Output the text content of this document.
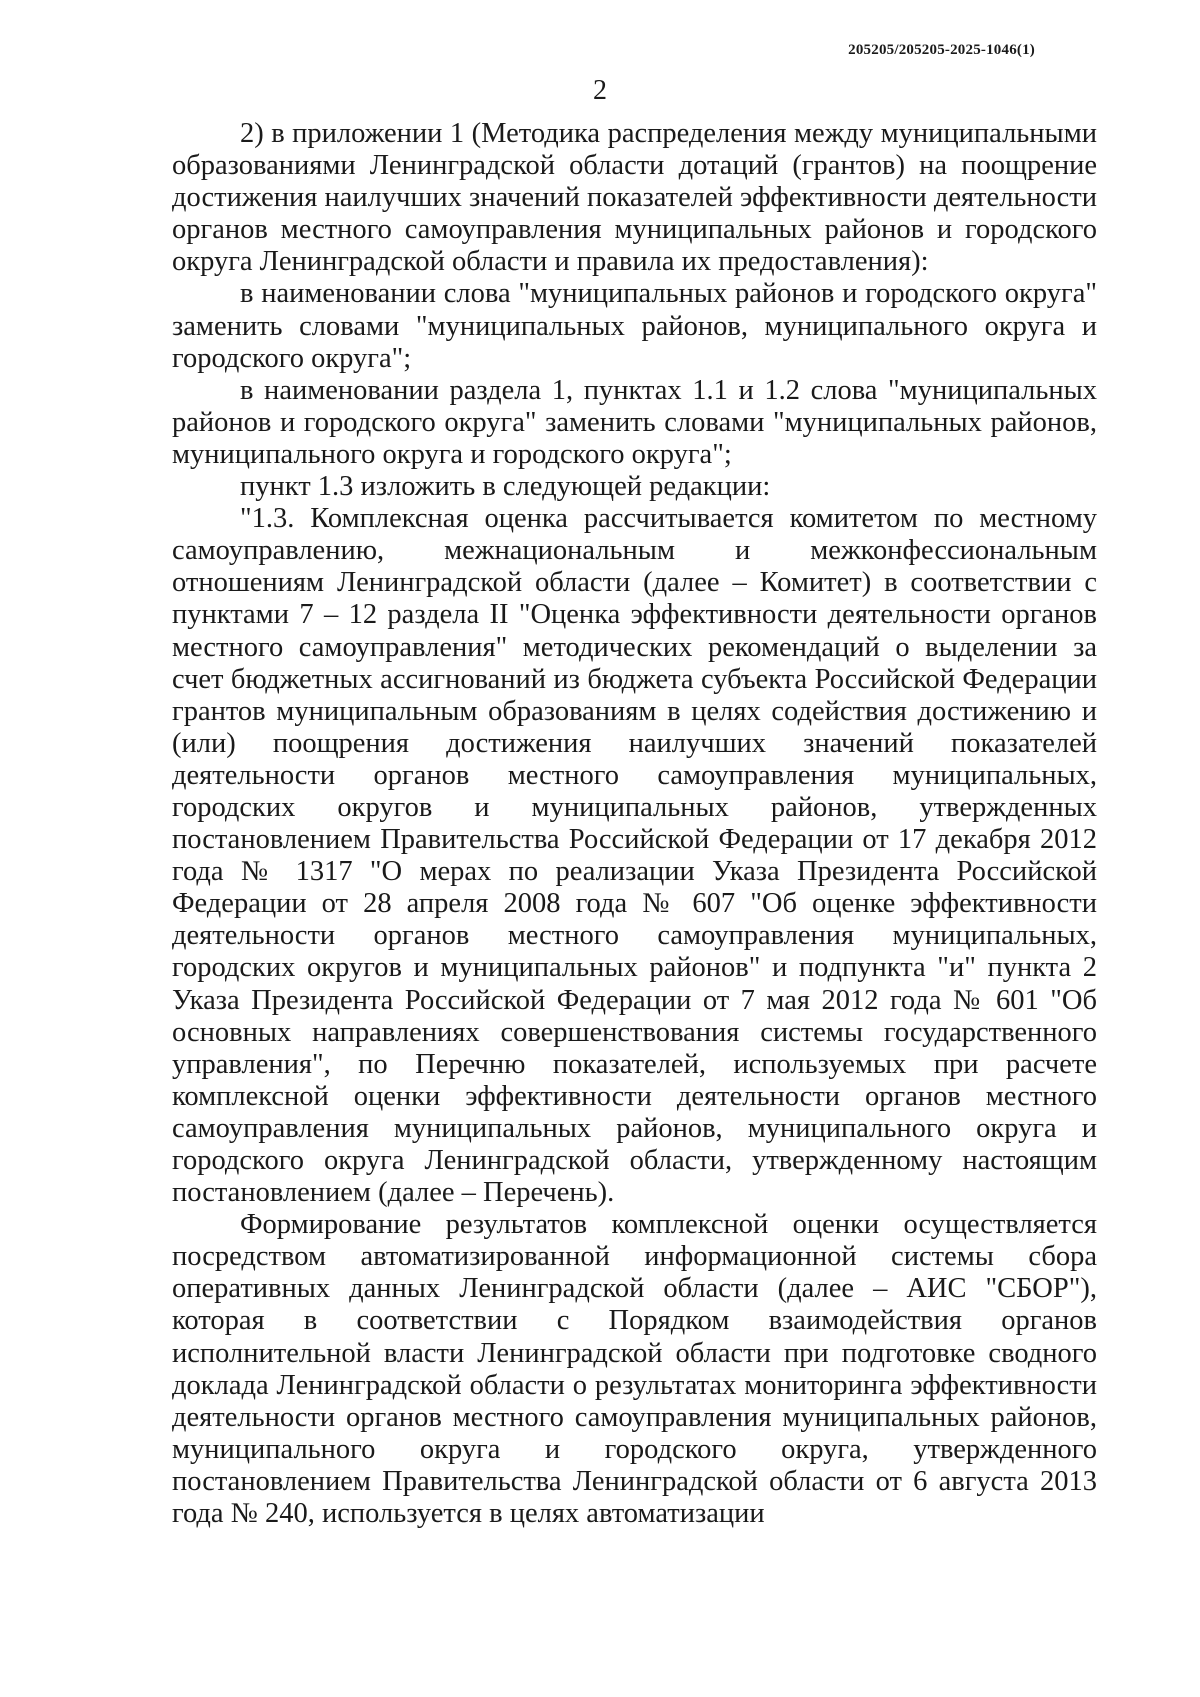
205205/205205-2025-1046(1)
2

2) в приложении 1 (Методика распределения между муниципальными образованиями Ленинградской области дотаций (грантов) на поощрение достижения наилучших значений показателей эффективности деятельности органов местного самоуправления муниципальных районов и городского округа Ленинградской области и правила их предоставления):

в наименовании слова "муниципальных районов и городского округа" заменить словами "муниципальных районов, муниципального округа и городского округа";

в наименовании раздела 1, пунктах 1.1 и 1.2 слова "муниципальных районов и городского округа" заменить словами "муниципальных районов, муниципального округа и городского округа";

пункт 1.3 изложить в следующей редакции:

"1.3. Комплексная оценка рассчитывается комитетом по местному самоуправлению, межнациональным и межконфессиональным отношениям Ленинградской области (далее – Комитет) в соответствии с пунктами 7 – 12 раздела II "Оценка эффективности деятельности органов местного самоуправления" методических рекомендаций о выделении за счет бюджетных ассигнований из бюджета субъекта Российской Федерации грантов муниципальным образованиям в целях содействия достижению и (или) поощрения достижения наилучших значений показателей деятельности органов местного самоуправления муниципальных, городских округов и муниципальных районов, утвержденных постановлением Правительства Российской Федерации от 17 декабря 2012 года № 1317 "О мерах по реализации Указа Президента Российской Федерации от 28 апреля 2008 года № 607 "Об оценке эффективности деятельности органов местного самоуправления муниципальных, городских округов и муниципальных районов" и подпункта "и" пункта 2 Указа Президента Российской Федерации от 7 мая 2012 года № 601 "Об основных направлениях совершенствования системы государственного управления", по Перечню показателей, используемых при расчете комплексной оценки эффективности деятельности органов местного самоуправления муниципальных районов, муниципального округа и городского округа Ленинградской области, утвержденному настоящим постановлением (далее – Перечень).

Формирование результатов комплексной оценки осуществляется посредством автоматизированной информационной системы сбора оперативных данных Ленинградской области (далее – АИС "СБОР"), которая в соответствии с Порядком взаимодействия органов исполнительной власти Ленинградской области при подготовке сводного доклада Ленинградской области о результатах мониторинга эффективности деятельности органов местного самоуправления муниципальных районов, муниципального округа и городского округа, утвержденного постановлением Правительства Ленинградской области от 6 августа 2013 года № 240, используется в целях автоматизации
